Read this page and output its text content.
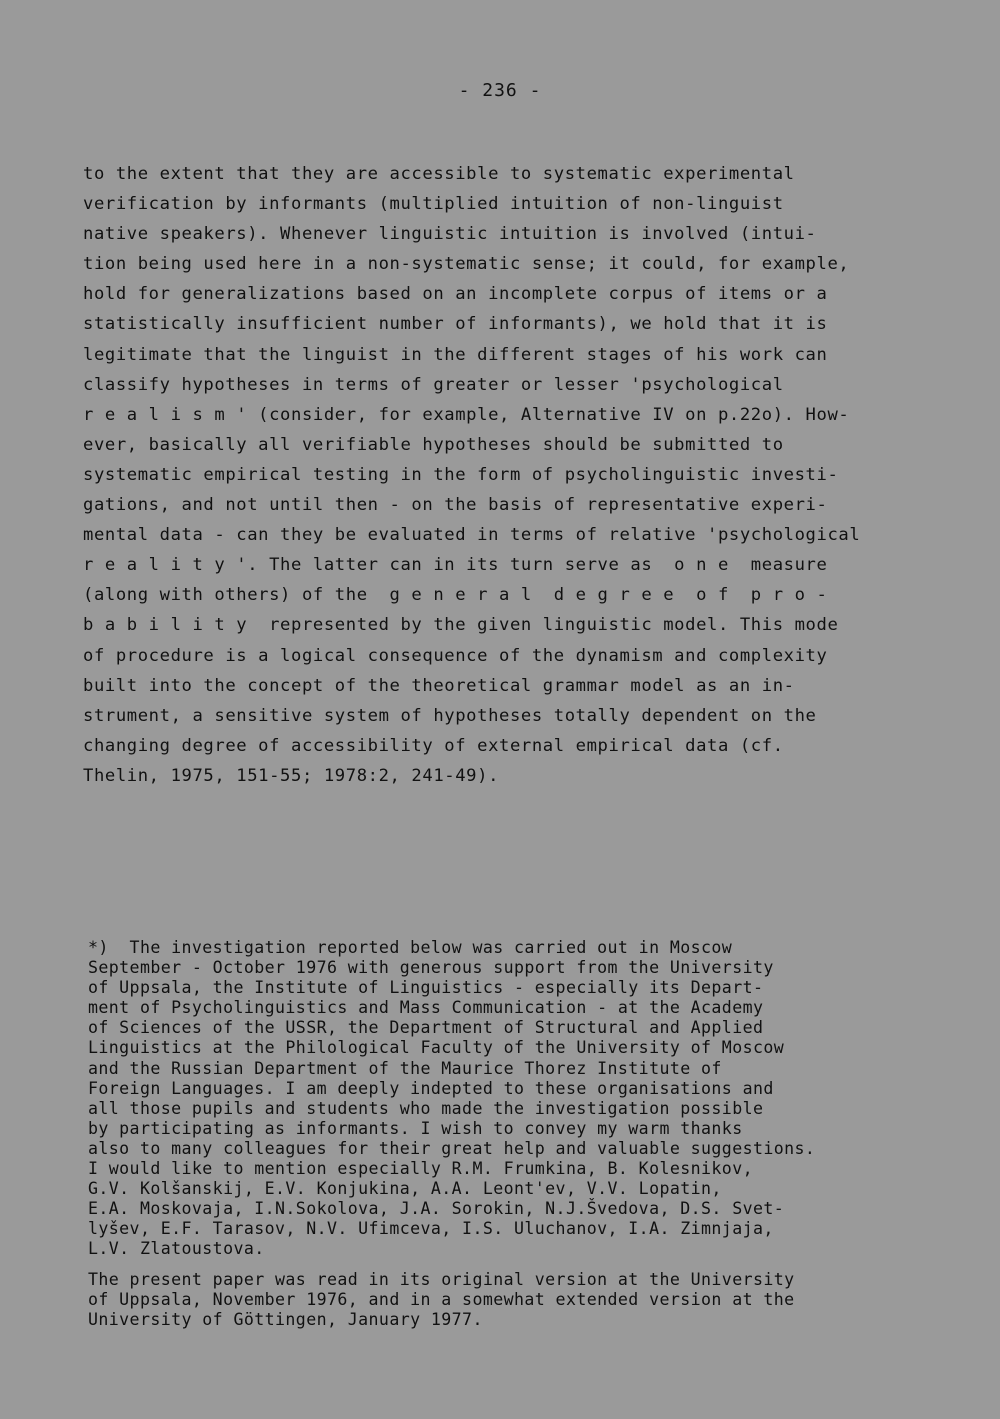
- 236 -
to the extent that they are accessible to systematic experimental
verification by informants (multiplied intuition of non-linguist
native speakers). Whenever linguistic intuition is involved (intui-
tion being used here in a non-systematic sense; it could, for example,
hold for generalizations based on an incomplete corpus of items or a
statistically insufficient number of informants), we hold that it is
legitimate that the linguist in the different stages of his work can
classify hypotheses in terms of greater or lesser 'psychological
r e a l i s m ' (consider, for example, Alternative IV on p.22o). How-
ever, basically all verifiable hypotheses should be submitted to
systematic empirical testing in the form of psycholinguistic investi-
gations, and not until then - on the basis of representative experi-
mental data - can they be evaluated in terms of relative 'psychological
r e a l i t y '. The latter can in its turn serve as  o n e  measure
(along with others) of the  g e n e r a l  d e g r e e  o f  p r o -
b a b i l i t y  represented by the given linguistic model. This mode
of procedure is a logical consequence of the dynamism and complexity
built into the concept of the theoretical grammar model as an in-
strument, a sensitive system of hypotheses totally dependent on the
changing degree of accessibility of external empirical data (cf.
Thelin, 1975, 151-55; 1978:2, 241-49).
*)  The investigation reported below was carried out in Moscow
September - October 1976 with generous support from the University
of Uppsala, the Institute of Linguistics - especially its Depart-
ment of Psycholinguistics and Mass Communication - at the Academy
of Sciences of the USSR, the Department of Structural and Applied
Linguistics at the Philological Faculty of the University of Moscow
and the Russian Department of the Maurice Thorez Institute of
Foreign Languages. I am deeply indepted to these organisations and
all those pupils and students who made the investigation possible
by participating as informants. I wish to convey my warm thanks
also to many colleagues for their great help and valuable suggestions.
I would like to mention especially R.M. Frumkina, B. Kolesnikov,
G.V. Kolšanskij, E.V. Konjukina, A.A. Leont'ev, V.V. Lopatin,
E.A. Moskovaja, I.N.Sokolova, J.A. Sorokin, N.J.Švedova, D.S. Svet-
lyšev, E.F. Tarasov, N.V. Ufimceva, I.S. Uluchanov, I.A. Zimnjaja,
L.V. Zlatoustova.
The present paper was read in its original version at the University
of Uppsala, November 1976, and in a somewhat extended version at the
University of Göttingen, January 1977.
